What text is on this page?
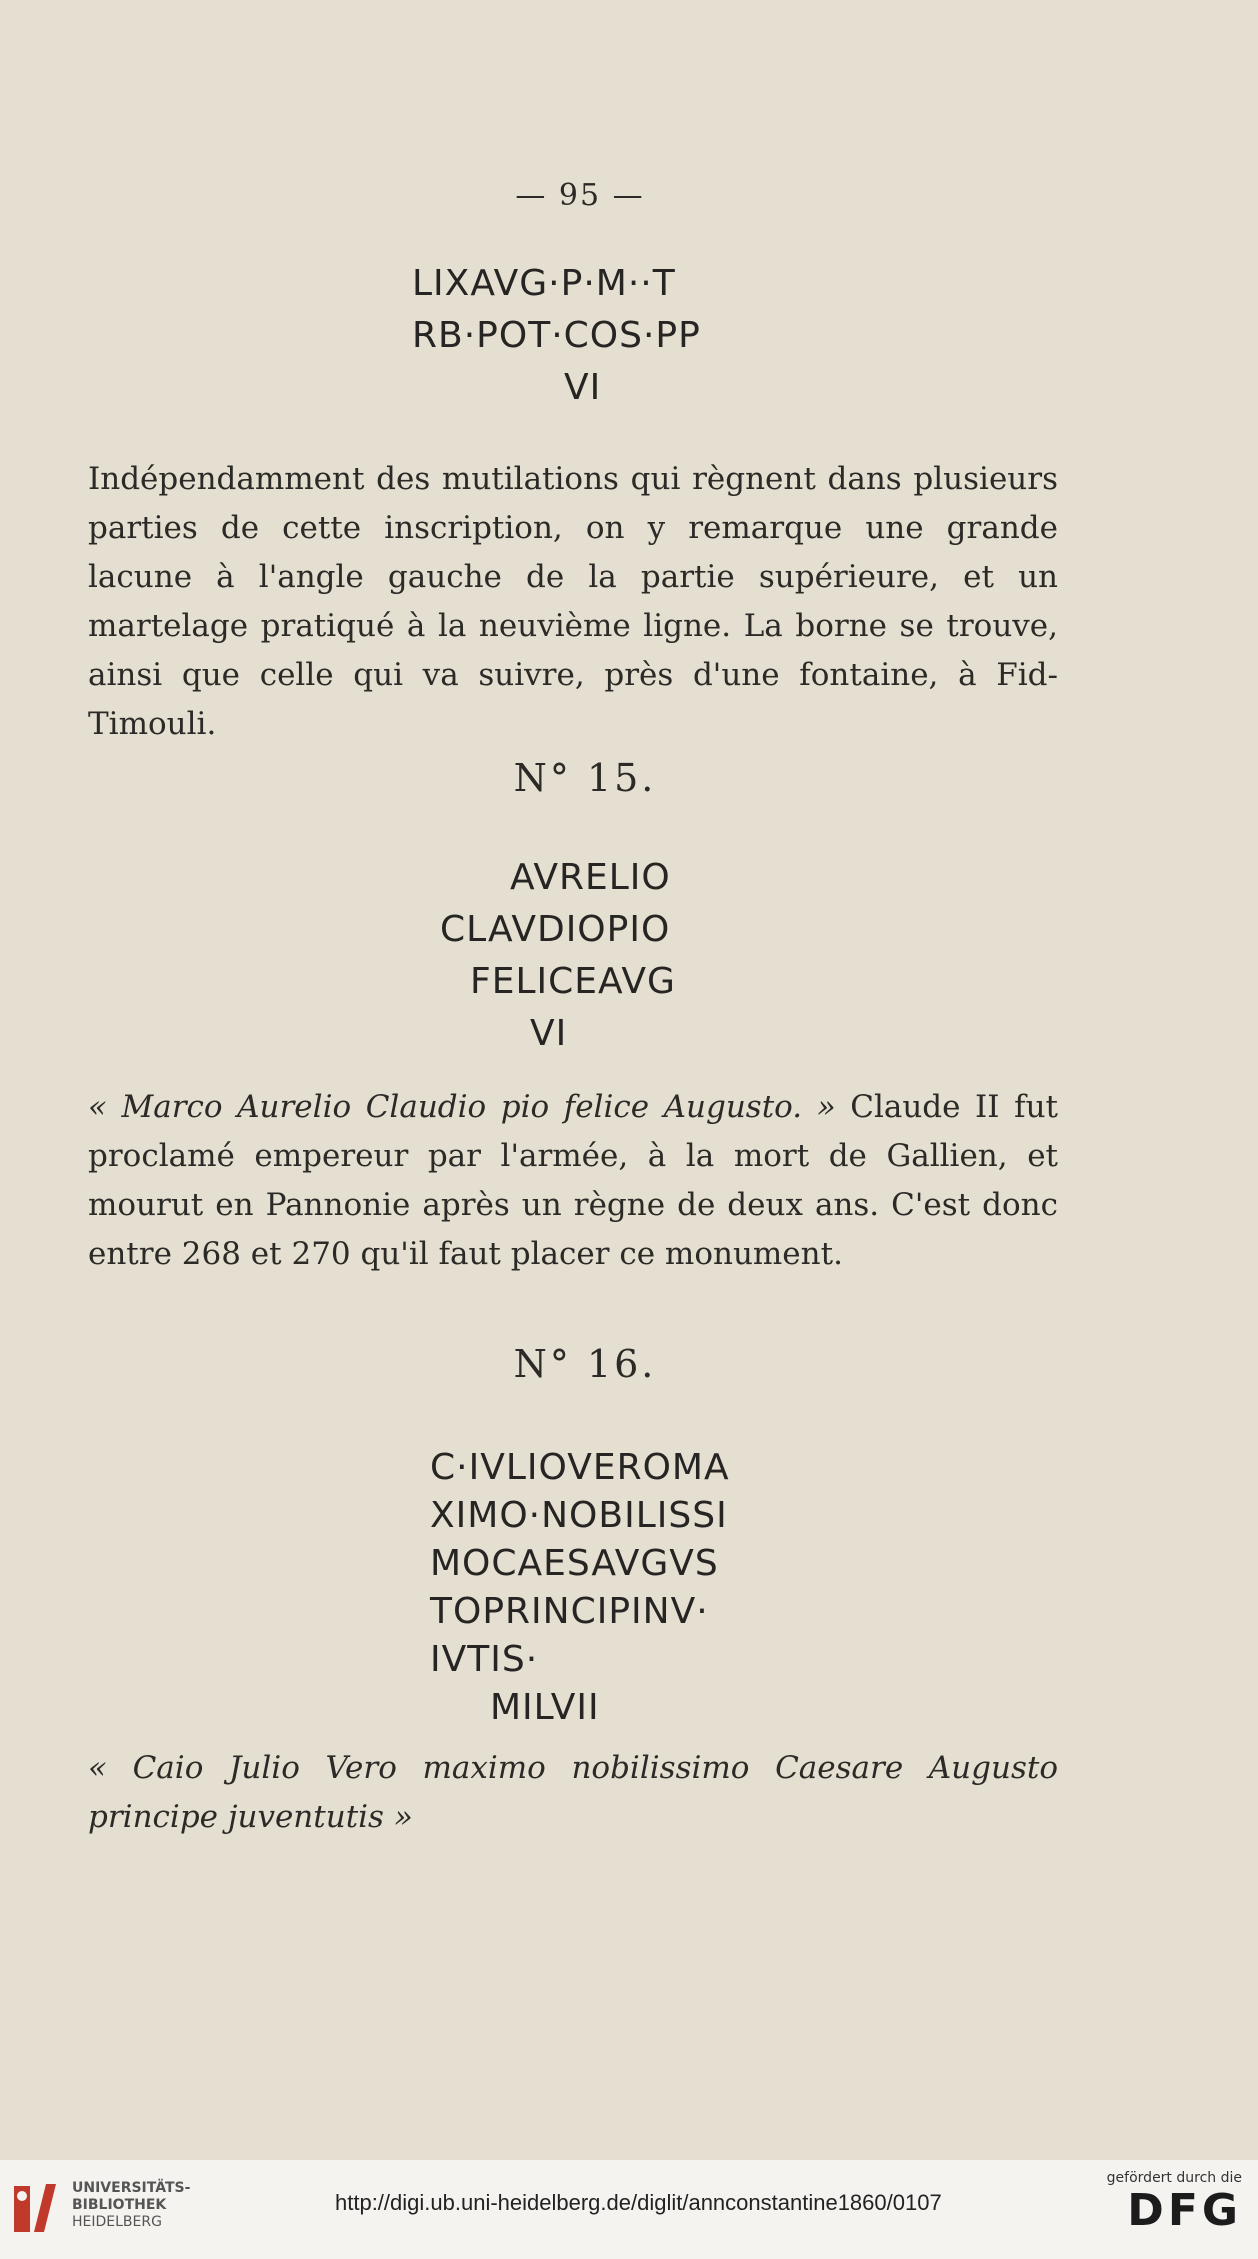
— 95 —
LIXAVG·P·M··T
RB·POT·COS·PP
VI
Indépendamment des mutilations qui règnent dans plusieurs parties de cette inscription, on y remarque une grande lacune à l'angle gauche de la partie supérieure, et un martelage pratiqué à la neuvième ligne. La borne se trouve, ainsi que celle qui va suivre, près d'une fontaine, à Fid-Timouli.
N° 15.
AVRELIO
CLAVDIOPIO
FELICEAVG
VI
« Marco Aurelio Claudio pio felice Augusto. » Claude II fut proclamé empereur par l'armée, à la mort de Gallien, et mourut en Pannonie après un règne de deux ans. C'est donc entre 268 et 270 qu'il faut placer ce monument.
N° 16.
C·IVLIOVEROMA
XIMO·NOBILISSI
MOCAESAVGVS
TOPRINCIPINV·
IVTIS·
MILVII
« Caio Julio Vero maximo nobilissimo Caesare Augusto principe juventutis »
UNIVERSITÄTS-
BIBLIOTHEK
HEIDELBERG
http://digi.ub.uni-heidelberg.de/diglit/annconstantine1860/0107
gefördert durch die
DFG
